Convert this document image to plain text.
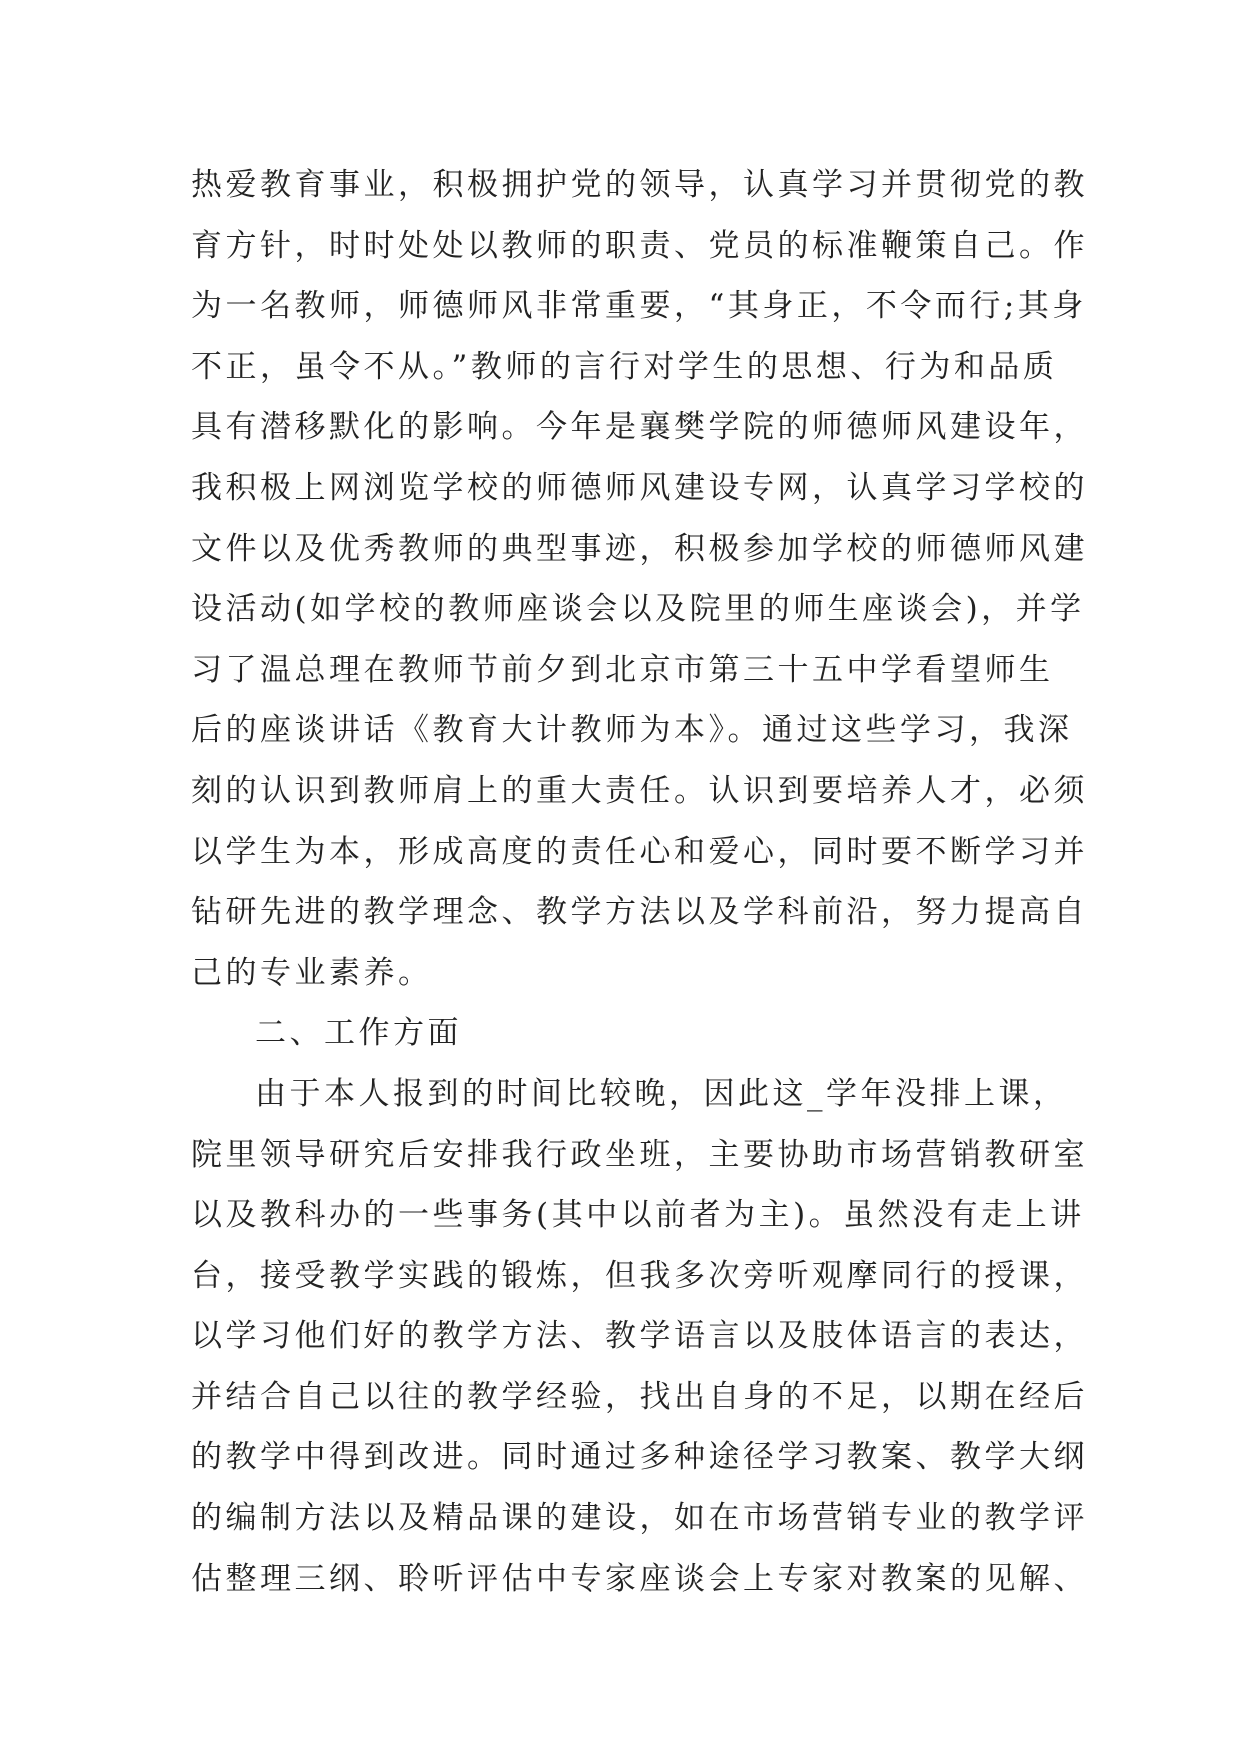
热爱教育事业，积极拥护党的领导，认真学习并贯彻党的教
育方针，时时处处以教师的职责、党员的标准鞭策自己。作
为一名教师，师德师风非常重要，“其身正，不令而行;其身
不正，虽令不从。”教师的言行对学生的思想、行为和品质
具有潜移默化的影响。今年是襄樊学院的师德师风建设年，
我积极上网浏览学校的师德师风建设专网，认真学习学校的
文件以及优秀教师的典型事迹，积极参加学校的师德师风建
设活动(如学校的教师座谈会以及院里的师生座谈会)，并学
习了温总理在教师节前夕到北京市第三十五中学看望师生
后的座谈讲话《教育大计教师为本》。通过这些学习，我深
刻的认识到教师肩上的重大责任。认识到要培养人才，必须
以学生为本，形成高度的责任心和爱心，同时要不断学习并
钻研先进的教学理念、教学方法以及学科前沿，努力提高自
己的专业素养。
二、工作方面
由于本人报到的时间比较晚，因此这_学年没排上课，
院里领导研究后安排我行政坐班，主要协助市场营销教研室
以及教科办的一些事务(其中以前者为主)。虽然没有走上讲
台，接受教学实践的锻炼，但我多次旁听观摩同行的授课，
以学习他们好的教学方法、教学语言以及肢体语言的表达，
并结合自己以往的教学经验，找出自身的不足，以期在经后
的教学中得到改进。同时通过多种途径学习教案、教学大纲
的编制方法以及精品课的建设，如在市场营销专业的教学评
估整理三纲、聆听评估中专家座谈会上专家对教案的见解、
